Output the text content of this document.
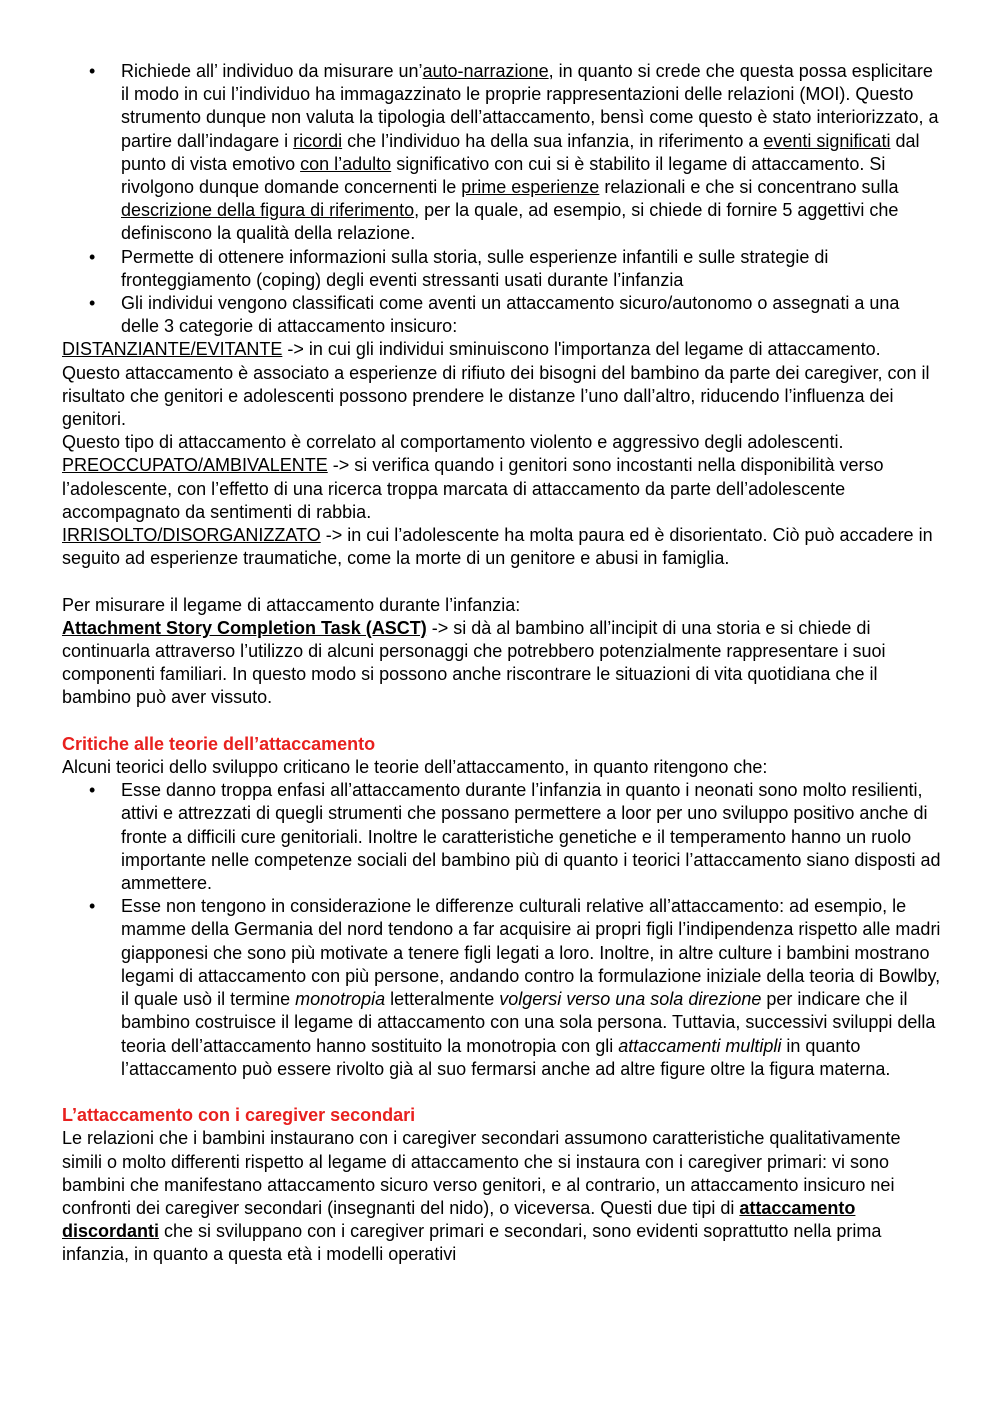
• Richiede all’ individuo da misurare un’auto-narrazione, in quanto si crede che questa possa esplicitare il modo in cui l’individuo ha immagazzinato le proprie rappresentazioni delle relazioni (MOI). Questo strumento dunque non valuta la tipologia dell’attaccamento, bensì come questo è stato interiorizzato, a partire dall’indagare i ricordi che l’individuo ha della sua infanzia, in riferimento a eventi significati dal punto di vista emotivo con l’adulto significativo con cui si è stabilito il legame di attaccamento. Si rivolgono dunque domande concernenti le prime esperienze relazionali e che si concentrano sulla descrizione della figura di riferimento, per la quale, ad esempio, si chiede di fornire 5 aggettivi che definiscono la qualità della relazione.
• Permette di ottenere informazioni sulla storia, sulle esperienze infantili e sulle strategie di fronteggiamento (coping) degli eventi stressanti usati durante l’infanzia
• Gli individui vengono classificati come aventi un attaccamento sicuro/autonomo o assegnati a una delle 3 categorie di attaccamento insicuro:

DISTANZIANTE/EVITANTE -> in cui gli individui sminuiscono l'importanza del legame di attaccamento. Questo attaccamento è associato a esperienze di rifiuto dei bisogni del bambino da parte dei caregiver, con il risultato che genitori e adolescenti possono prendere le distanze l’uno dall’altro, riducendo l’influenza dei genitori.

Questo tipo di attaccamento è correlato al comportamento violento e aggressivo degli adolescenti.

PREOCCUPATO/AMBIVALENTE -> si verifica quando i genitori sono incostanti nella disponibilità verso l’adolescente, con l’effetto di una ricerca troppa marcata di attaccamento da parte dell’adolescente accompagnato da sentimenti di rabbia.

IRRISOLTO/DISORGANIZZATO -> in cui l’adolescente ha molta paura ed è disorientato. Ciò può accadere in seguito ad esperienze traumatiche, come la morte di un genitore e abusi in famiglia.

Per misurare il legame di attaccamento durante l’infanzia:

Attachment Story Completion Task (ASCT) -> si dà al bambino all’incipit di una storia e si chiede di continuarla attraverso l’utilizzo di alcuni personaggi che potrebbero potenzialmente rappresentare i suoi componenti familiari. In questo modo si possono anche riscontrare le situazioni di vita quotidiana che il bambino può aver vissuto.

Critiche alle teorie dell’attaccamento

Alcuni teorici dello sviluppo criticano le teorie dell’attaccamento, in quanto ritengono che:

• Esse danno troppa enfasi all’attaccamento durante l’infanzia in quanto i neonati sono molto resilienti, attivi e attrezzati di quegli strumenti che possano permettere a loor per uno sviluppo positivo anche di fronte a difficili cure genitoriali. Inoltre le caratteristiche genetiche e il temperamento hanno un ruolo importante nelle competenze sociali del bambino più di quanto i teorici l’attaccamento siano disposti ad ammettere.
• Esse non tengono in considerazione le differenze culturali relative all’attaccamento: ad esempio, le mamme della Germania del nord tendono a far acquisire ai propri figli l’indipendenza rispetto alle madri giapponesi che sono più motivate a tenere figli legati a loro. Inoltre, in altre culture i bambini mostrano legami di attaccamento con più persone, andando contro la formulazione iniziale della teoria di Bowlby, il quale usò il termine monotropia letteralmente volgersi verso una sola direzione per indicare che il bambino costruisce il legame di attaccamento con una sola persona. Tuttavia, successivi sviluppi della teoria dell’attaccamento hanno sostituito la monotropia con gli attaccamenti multipli in quanto l’attaccamento può essere rivolto già al suo fermarsi anche ad altre figure oltre la figura materna.
L’attaccamento con i caregiver secondari

Le relazioni che i bambini instaurano con i caregiver secondari assumono caratteristiche qualitativamente simili o molto differenti rispetto al legame di attaccamento che si instaura con i caregiver primari: vi sono bambini che manifestano attaccamento sicuro verso genitori, e al contrario, un attaccamento insicuro nei confronti dei caregiver secondari (insegnanti del nido), o viceversa. Questi due tipi di attaccamento discordanti che si sviluppano con i caregiver primari e secondari, sono evidenti soprattutto nella prima infanzia, in quanto a questa età i modelli operativi
